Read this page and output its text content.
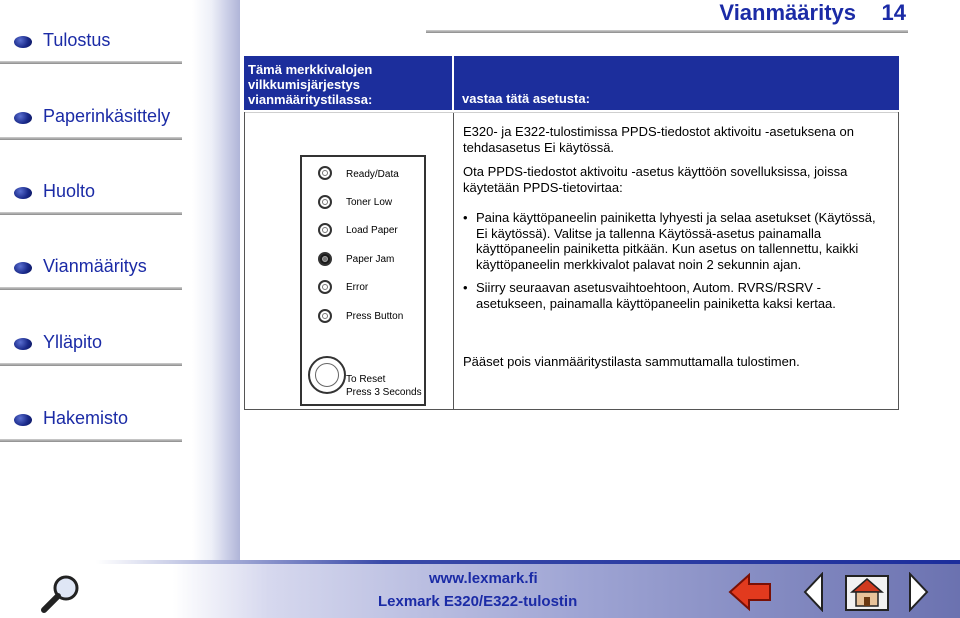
Tulostus
Paperinkäsittely
Huolto
Vianmääritys
Ylläpito
Hakemisto
Vianmääritys 14
Tämä merkkivalojen vilkkumisjärjestys vianmääritystilassa:	vastaa tätä asetusta:
E320- ja E322-tulostimissa PPDS-tiedostot aktivoitu -asetuksena on tehdasasetus Ei käytössä.
Ota PPDS-tiedostot aktivoitu -asetus käyttöön sovelluksissa, joissa käytetään PPDS-tietovirtaa:
• Paina käyttöpaneelin painiketta lyhyesti ja selaa asetukset (Käytössä, Ei käytössä). Valitse ja tallenna Käytössä-asetus painamalla käyttöpaneelin painiketta pitkään. Kun asetus on tallennettu, kaikki käyttöpaneelin merkkivalot palavat noin 2 sekunnin ajan.
• Siirry seuraavan asetusvaihtoehtoon, Autom. RVRS/RSRV -asetukseen, painamalla käyttöpaneelin painiketta kaksi kertaa.
Pääset pois vianmääritystilasta sammuttamalla tulostimen.
Ready/Data
Toner Low
Load Paper
Paper Jam
Error
Press Button
To Reset
Press 3 Seconds
www.lexmark.fi
Lexmark E320/E322-tulostin
